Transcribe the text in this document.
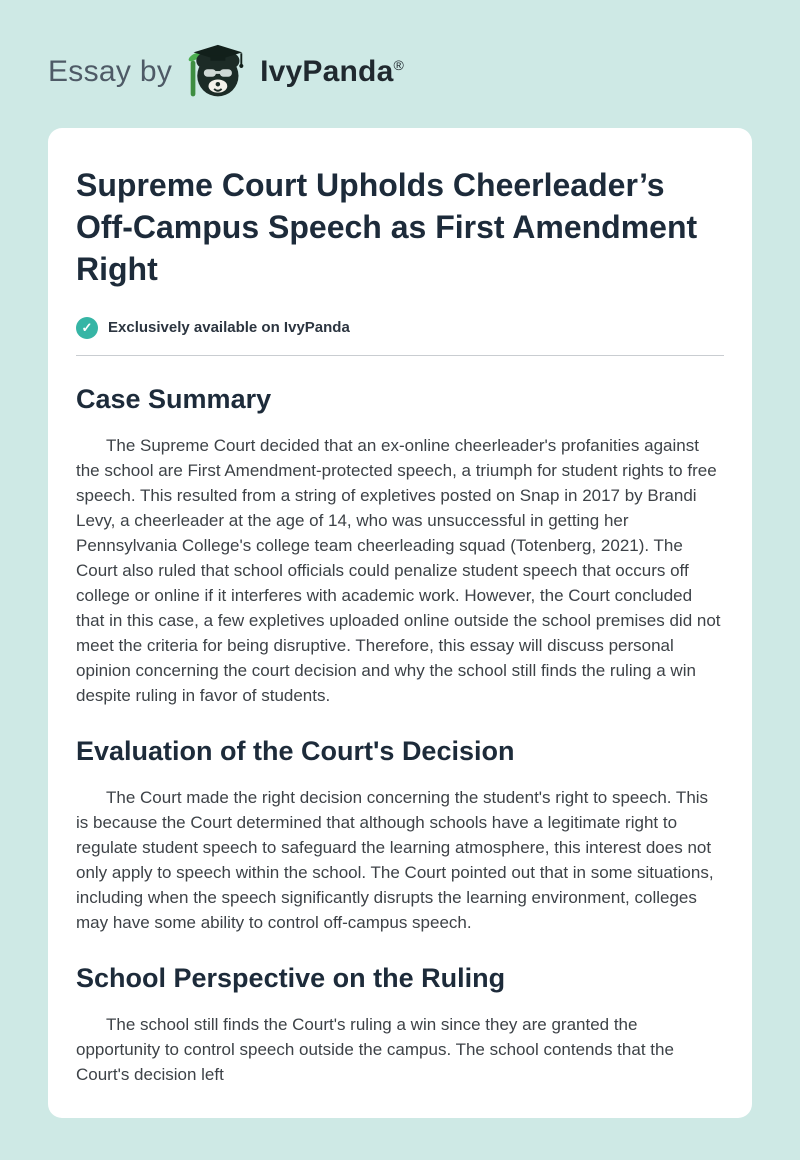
Essay by	IvyPanda®
Supreme Court Upholds Cheerleader’s Off-Campus Speech as First Amendment Right
✓	Exclusively available on IvyPanda
Case Summary

The Supreme Court decided that an ex-online cheerleader's profanities against the school are First Amendment-protected speech, a triumph for student rights to free speech. This resulted from a string of expletives posted on Snap in 2017 by Brandi Levy, a cheerleader at the age of 14, who was unsuccessful in getting her Pennsylvania College's college team cheerleading squad (Totenberg, 2021). The Court also ruled that school officials could penalize student speech that occurs off college or online if it interferes with academic work. However, the Court concluded that in this case, a few expletives uploaded online outside the school premises did not meet the criteria for being disruptive. Therefore, this essay will discuss personal opinion concerning the court decision and why the school still finds the ruling a win despite ruling in favor of students.

Evaluation of the Court's Decision

The Court made the right decision concerning the student's right to speech. This is because the Court determined that although schools have a legitimate right to regulate student speech to safeguard the learning atmosphere, this interest does not only apply to speech within the school. The Court pointed out that in some situations, including when the speech significantly disrupts the learning environment, colleges may have some ability to control off-campus speech.

School Perspective on the Ruling

The school still finds the Court's ruling a win since they are granted the opportunity to control speech outside the campus. The school contends that the Court's decision left
